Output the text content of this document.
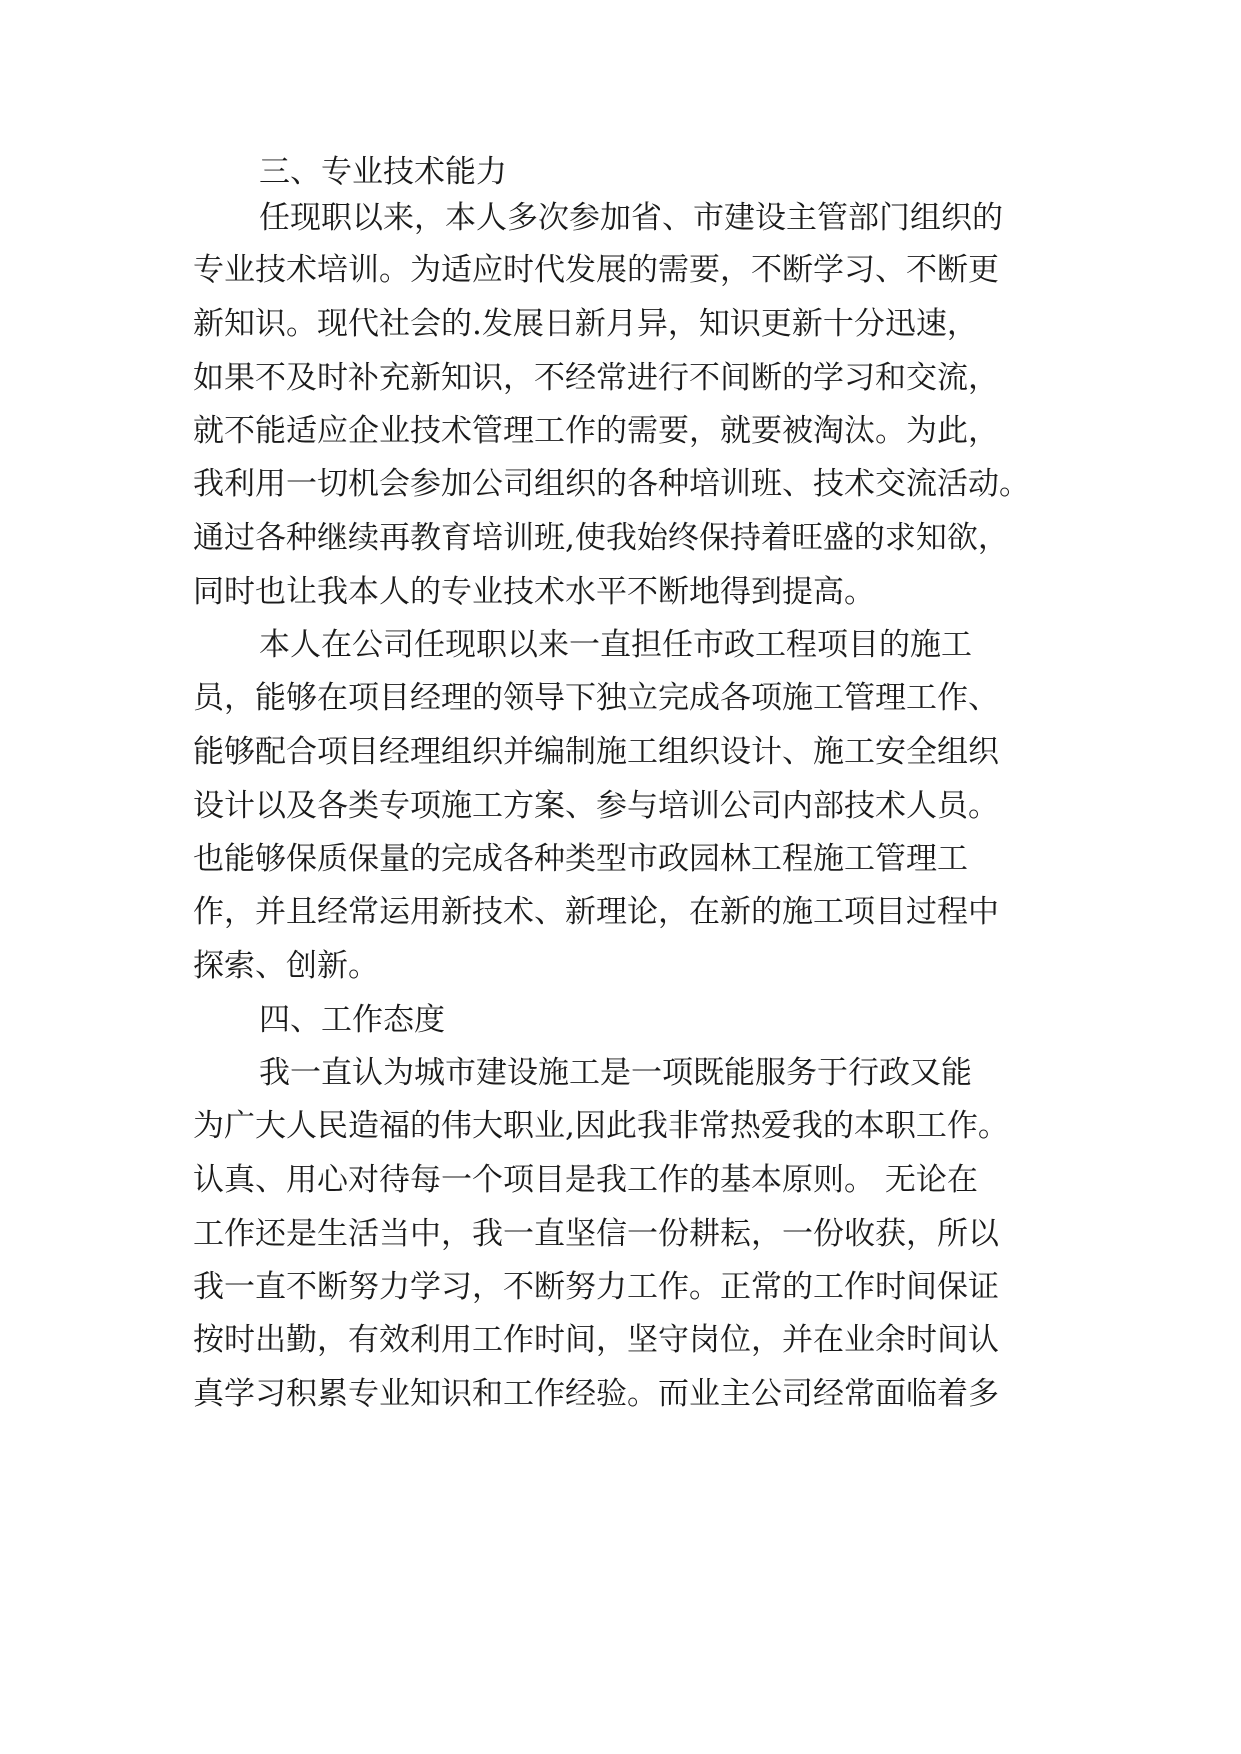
三、专业技术能力
任现职以来，本人多次参加省、市建设主管部门组织的
专业技术培训。为适应时代发展的需要，不断学习、不断更
新知识。现代社会的.发展日新月异，知识更新十分迅速，
如果不及时补充新知识，不经常进行不间断的学习和交流，
就不能适应企业技术管理工作的需要，就要被淘汰。为此，
我利用一切机会参加公司组织的各种培训班、技术交流活动。
通过各种继续再教育培训班,使我始终保持着旺盛的求知欲，
同时也让我本人的专业技术水平不断地得到提高。
本人在公司任现职以来一直担任市政工程项目的施工
员，能够在项目经理的领导下独立完成各项施工管理工作、
能够配合项目经理组织并编制施工组织设计、施工安全组织
设计以及各类专项施工方案、参与培训公司内部技术人员。
也能够保质保量的完成各种类型市政园林工程施工管理工
作，并且经常运用新技术、新理论，在新的施工项目过程中
探索、创新。
四、工作态度
我一直认为城市建设施工是一项既能服务于行政又能
为广大人民造福的伟大职业,因此我非常热爱我的本职工作。
认真、用心对待每一个项目是我工作的基本原则。 无论在
工作还是生活当中，我一直坚信一份耕耘，一份收获，所以
我一直不断努力学习，不断努力工作。正常的工作时间保证
按时出勤，有效利用工作时间，坚守岗位，并在业余时间认
真学习积累专业知识和工作经验。而业主公司经常面临着多
